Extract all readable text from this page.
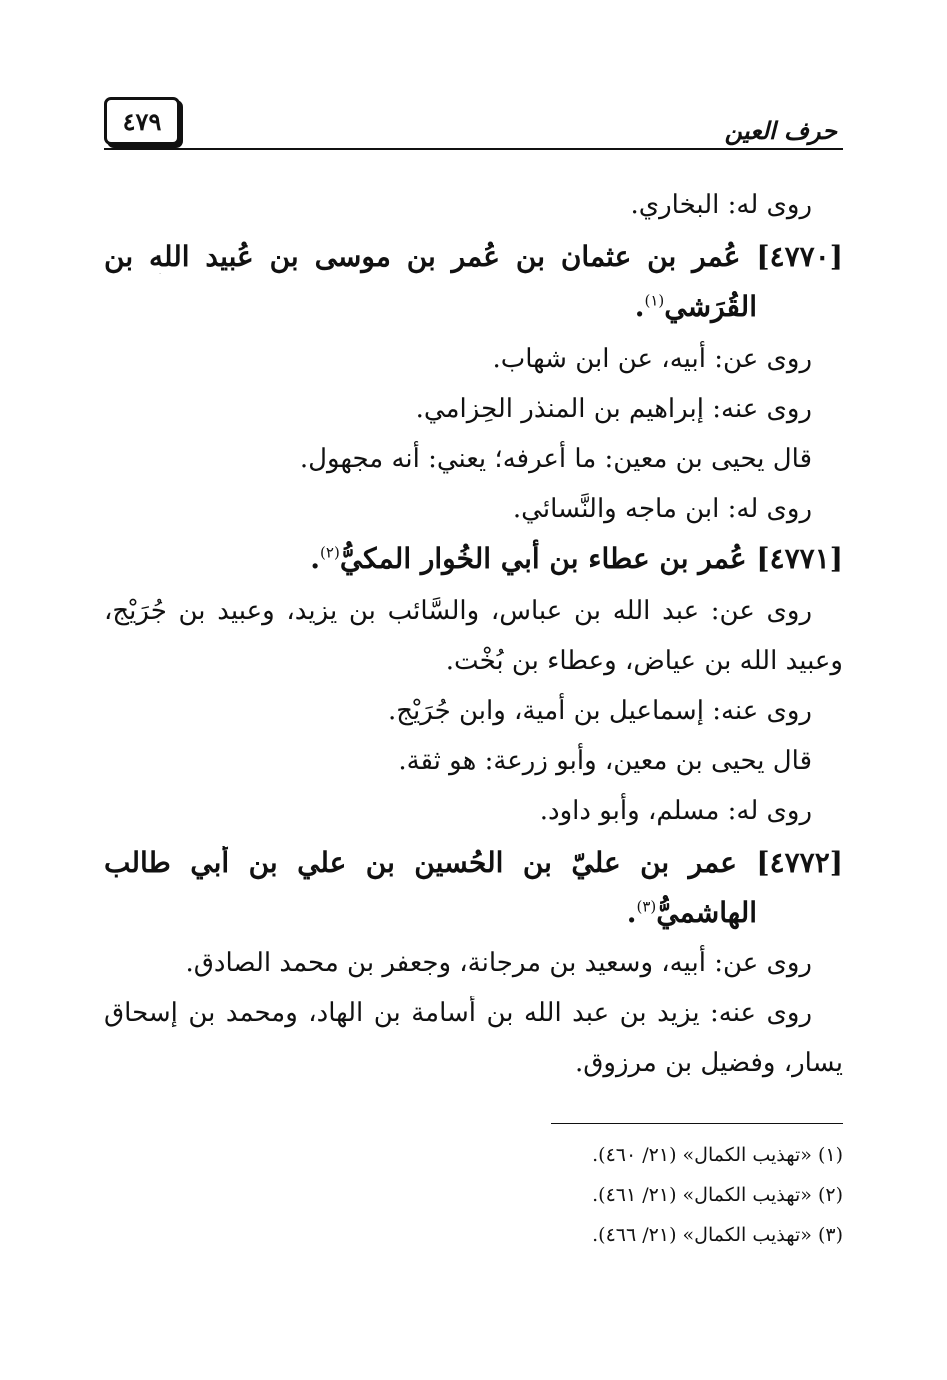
حرف العين
٤٧٩
روى له: البخاري.
[٤٧٧٠] عُمر بن عثمان بن عُمر بن موسى بن عُبيد الله بن
القُرَشي$^{(١)}$.
روى عن: أبيه، عن ابن شهاب.
روى عنه: إبراهيم بن المنذر الحِزامي.
قال يحيى بن معين: ما أعرفه؛ يعني: أنه مجهول.
روى له: ابن ماجه والنَّسائي.
[٤٧٧١] عُمر بن عطاء بن أبي الخُوار المكيُّ$^{(٢)}$.
روى عن: عبد الله بن عباس، والسَّائب بن يزيد، وعبيد بن جُرَيْج،
وعبيد الله بن عياض، وعطاء بن بُخْت.
روى عنه: إسماعيل بن أمية، وابن جُرَيْج.
قال يحيى بن معين، وأبو زرعة: هو ثقة.
روى له: مسلم، وأبو داود.
[٤٧٧٢] عمر بن عليّ بن الحُسين بن علي بن أبي طالب
الهاشميُّ$^{(٣)}$.
روى عن: أبيه، وسعيد بن مرجانة، وجعفر بن محمد الصادق.
روى عنه: يزيد بن عبد الله بن أسامة بن الهاد، ومحمد بن إسحاق
يسار، وفضيل بن مرزوق.
(١) «تهذيب الكمال» (٢١/ ٤٦٠).
(٢) «تهذيب الكمال» (٢١/ ٤٦١).
(٣) «تهذيب الكمال» (٢١/ ٤٦٦).
